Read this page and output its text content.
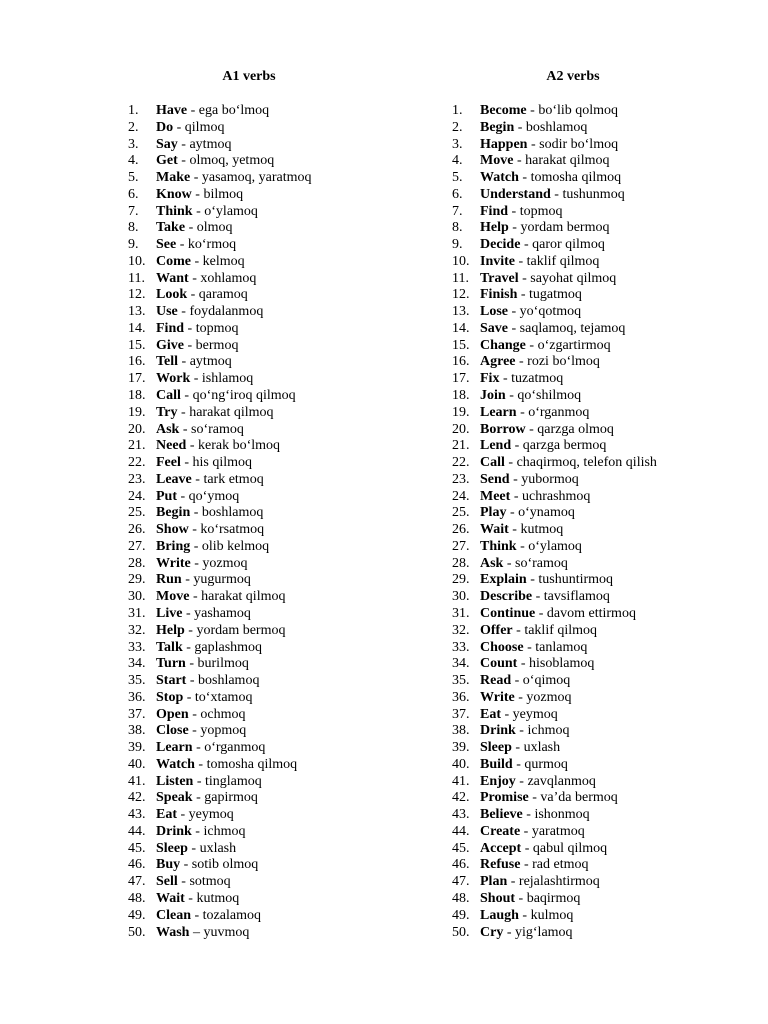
A1 verbs
1. Have - ega bo‘lmoq
2. Do - qilmoq
3. Say - aytmoq
4. Get - olmoq, yetmoq
5. Make - yasamoq, yaratmoq
6. Know - bilmoq
7. Think - o‘ylamoq
8. Take - olmoq
9. See - ko‘rmoq
10. Come - kelmoq
11. Want - xohlamoq
12. Look - qaramoq
13. Use - foydalanmoq
14. Find - topmoq
15. Give - bermoq
16. Tell - aytmoq
17. Work - ishlamoq
18. Call - qo‘ng‘iroq qilmoq
19. Try - harakat qilmoq
20. Ask - so‘ramoq
21. Need - kerak bo‘lmoq
22. Feel - his qilmoq
23. Leave - tark etmoq
24. Put - qo‘ymoq
25. Begin - boshlamoq
26. Show - ko‘rsatmoq
27. Bring - olib kelmoq
28. Write - yozmoq
29. Run - yugurmoq
30. Move - harakat qilmoq
31. Live - yashamoq
32. Help - yordam bermoq
33. Talk - gaplashmoq
34. Turn - burilmoq
35. Start - boshlamoq
36. Stop - to‘xtamoq
37. Open - ochmoq
38. Close - yopmoq
39. Learn - o‘rganmoq
40. Watch - tomosha qilmoq
41. Listen - tinglamoq
42. Speak - gapirmoq
43. Eat - yeymoq
44. Drink - ichmoq
45. Sleep - uxlash
46. Buy - sotib olmoq
47. Sell - sotmoq
48. Wait - kutmoq
49. Clean - tozalamoq
50. Wash – yuvmoq
A2 verbs
1. Become - bo‘lib qolmoq
2. Begin - boshlamoq
3. Happen - sodir bo‘lmoq
4. Move - harakat qilmoq
5. Watch - tomosha qilmoq
6. Understand - tushunmoq
7. Find - topmoq
8. Help - yordam bermoq
9. Decide - qaror qilmoq
10. Invite - taklif qilmoq
11. Travel - sayohat qilmoq
12. Finish - tugatmoq
13. Lose - yo‘qotmoq
14. Save - saqlamoq, tejamoq
15. Change - o‘zgartirmoq
16. Agree - rozi bo‘lmoq
17. Fix - tuzatmoq
18. Join - qo‘shilmoq
19. Learn - o‘rganmoq
20. Borrow - qarzga olmoq
21. Lend - qarzga bermoq
22. Call - chaqirmoq, telefon qilish
23. Send - yubormoq
24. Meet - uchrashmoq
25. Play - o‘ynamoq
26. Wait - kutmoq
27. Think - o‘ylamoq
28. Ask - so‘ramoq
29. Explain - tushuntirmoq
30. Describe - tavsiflamoq
31. Continue - davom ettirmoq
32. Offer - taklif qilmoq
33. Choose - tanlamoq
34. Count - hisoblamoq
35. Read - o‘qimoq
36. Write - yozmoq
37. Eat - yeymoq
38. Drink - ichmoq
39. Sleep - uxlash
40. Build - qurmoq
41. Enjoy - zavqlanmoq
42. Promise - va’da bermoq
43. Believe - ishonmoq
44. Create - yaratmoq
45. Accept - qabul qilmoq
46. Refuse - rad etmoq
47. Plan - rejalashtirmoq
48. Shout - baqirmoq
49. Laugh - kulmoq
50. Cry - yig‘lamoq
